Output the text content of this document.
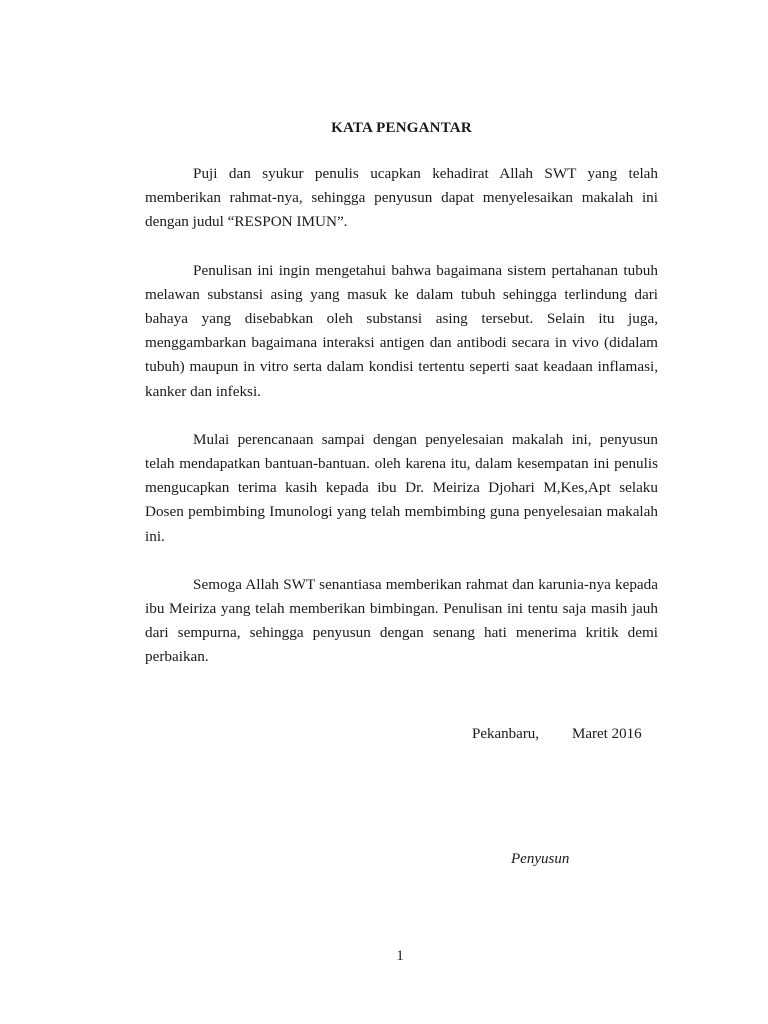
KATA PENGANTAR

Puji dan syukur penulis ucapkan kehadirat Allah SWT yang telah memberikan rahmat-nya, sehingga penyusun dapat menyelesaikan makalah ini dengan judul “RESPON IMUN”.

Penulisan ini ingin mengetahui bahwa bagaimana sistem pertahanan tubuh melawan substansi asing yang masuk ke dalam tubuh sehingga terlindung dari bahaya yang disebabkan oleh substansi asing tersebut. Selain itu juga, menggambarkan bagaimana interaksi antigen dan antibodi secara in vivo (didalam tubuh) maupun in vitro serta dalam kondisi tertentu seperti saat keadaan inflamasi, kanker dan infeksi.

Mulai perencanaan sampai dengan penyelesaian makalah ini, penyusun telah mendapatkan bantuan-bantuan. oleh karena itu, dalam kesempatan ini penulis mengucapkan terima kasih kepada ibu Dr. Meiriza Djohari M,Kes,Apt selaku Dosen pembimbing Imunologi yang telah membimbing guna penyelesaian makalah ini.

Semoga Allah SWT senantiasa memberikan rahmat dan karunia-nya kepada ibu Meiriza yang telah memberikan bimbingan. Penulisan ini tentu saja masih jauh dari sempurna, sehingga penyusun dengan senang hati menerima kritik demi perbaikan.

Pekanbaru, Maret 2016
Penyusun
1
